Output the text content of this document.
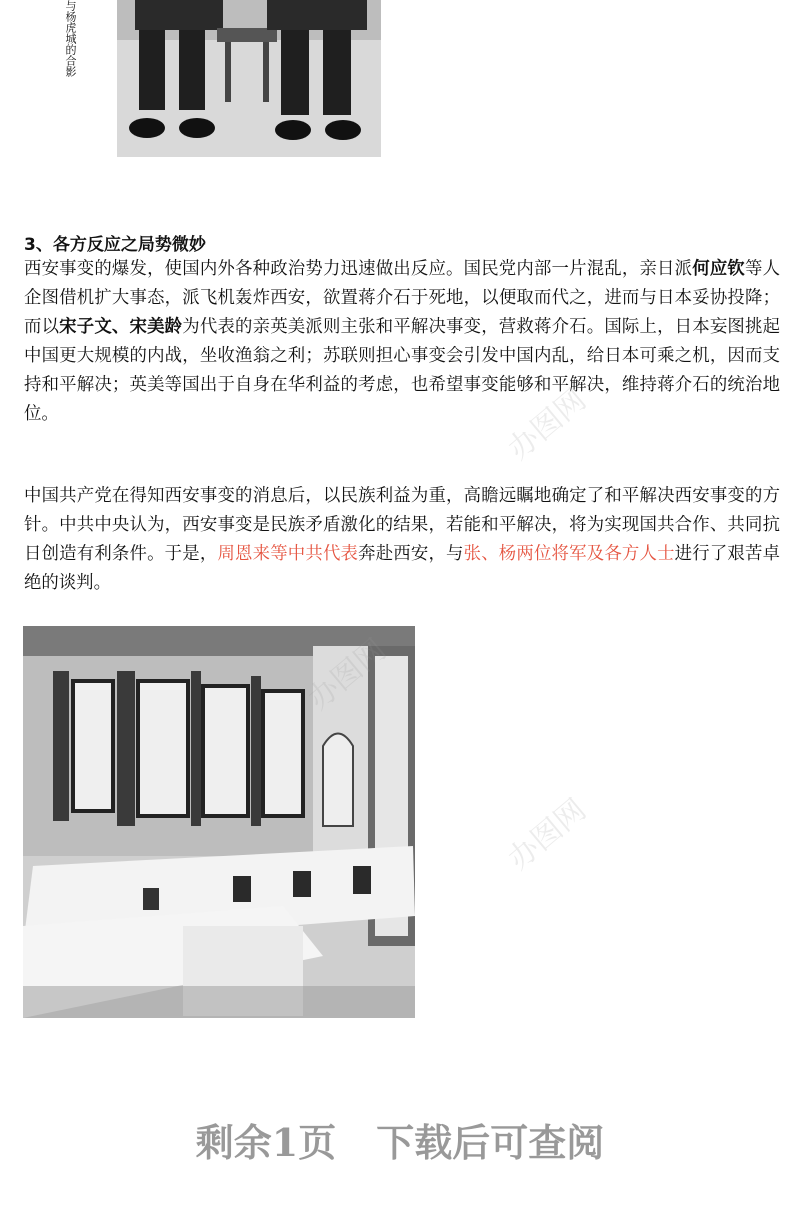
与杨虎城的合影
3、各方反应之局势微妙

西安事变的爆发，使国内外各种政治势力迅速做出反应。国民党内部一片混乱，亲日派何应钦等人企图借机扩大事态，派飞机轰炸西安，欲置蒋介石于死地，以便取而代之，进而与日本妥协投降；而以宋子文、宋美龄为代表的亲英美派则主张和平解决事变，营救蒋介石。国际上，日本妄图挑起中国更大规模的内战，坐收渔翁之利；苏联则担心事变会引发中国内乱，给日本可乘之机，因而支持和平解决；英美等国出于自身在华利益的考虑，也希望事变能够和平解决，维持蒋介石的统治地位。

中国共产党在得知西安事变的消息后，以民族利益为重，高瞻远瞩地确定了和平解决西安事变的方针。中共中央认为，西安事变是民族矛盾激化的结果，若能和平解决，将为实现国共合作、共同抗日创造有利条件。于是，周恩来等中共代表奔赴西安，与张、杨两位将军及各方人士进行了艰苦卓绝的谈判。

办图网
办图网

剩余1页 下载后可查阅
